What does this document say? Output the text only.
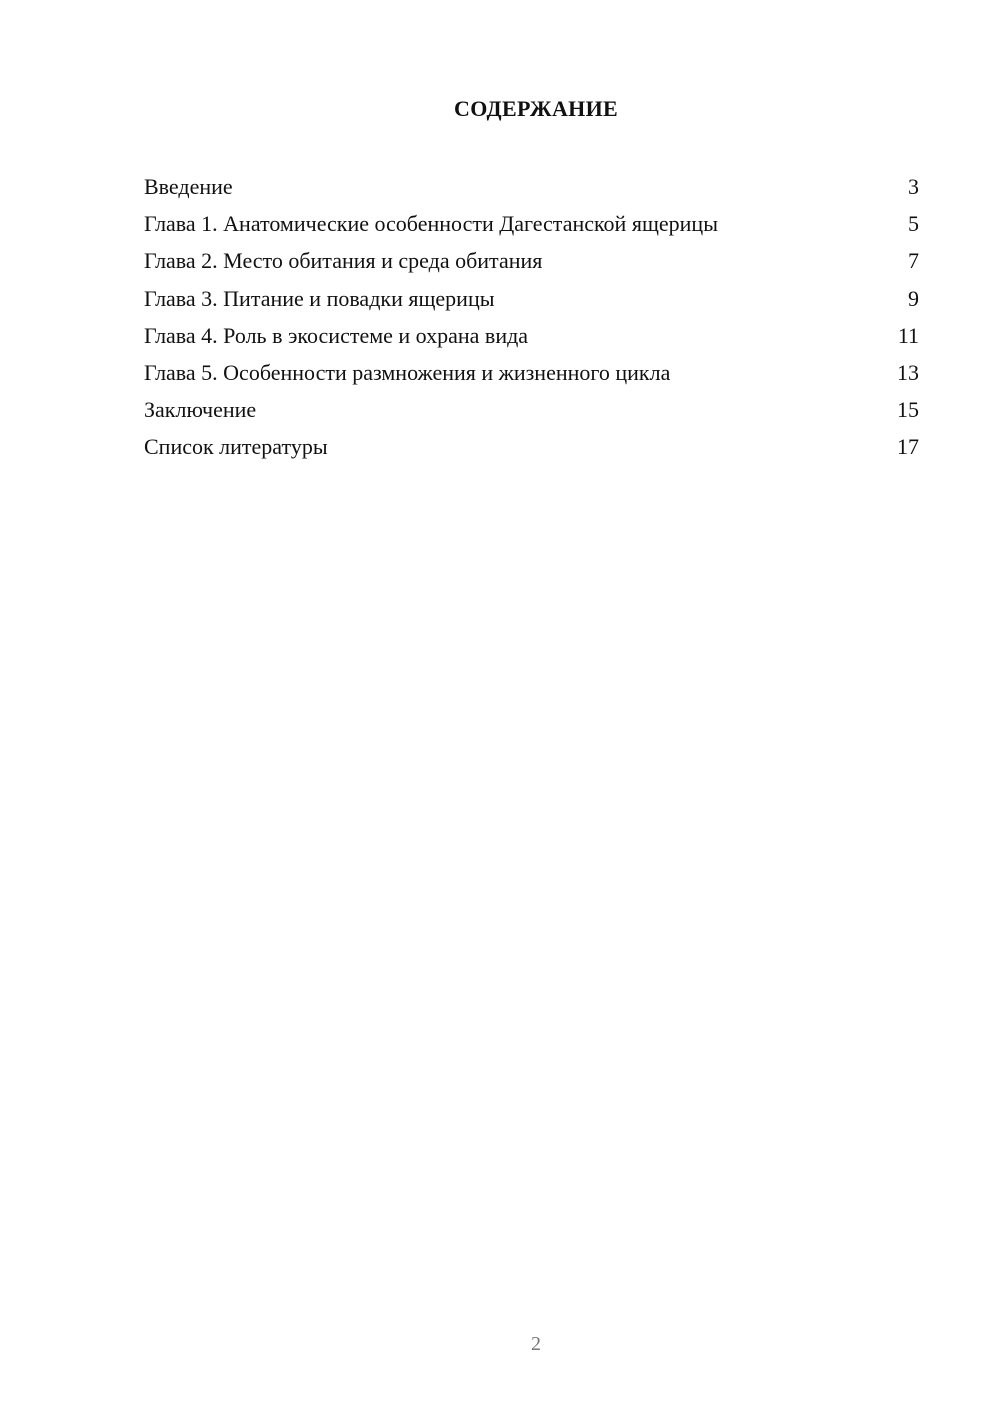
СОДЕРЖАНИЕ
Введение	3
Глава 1. Анатомические особенности Дагестанской ящерицы	5
Глава 2. Место обитания и среда обитания	7
Глава 3. Питание и повадки ящерицы	9
Глава 4. Роль в экосистеме и охрана вида	11
Глава 5. Особенности размножения и жизненного цикла	13
Заключение	15
Список литературы	17
2
